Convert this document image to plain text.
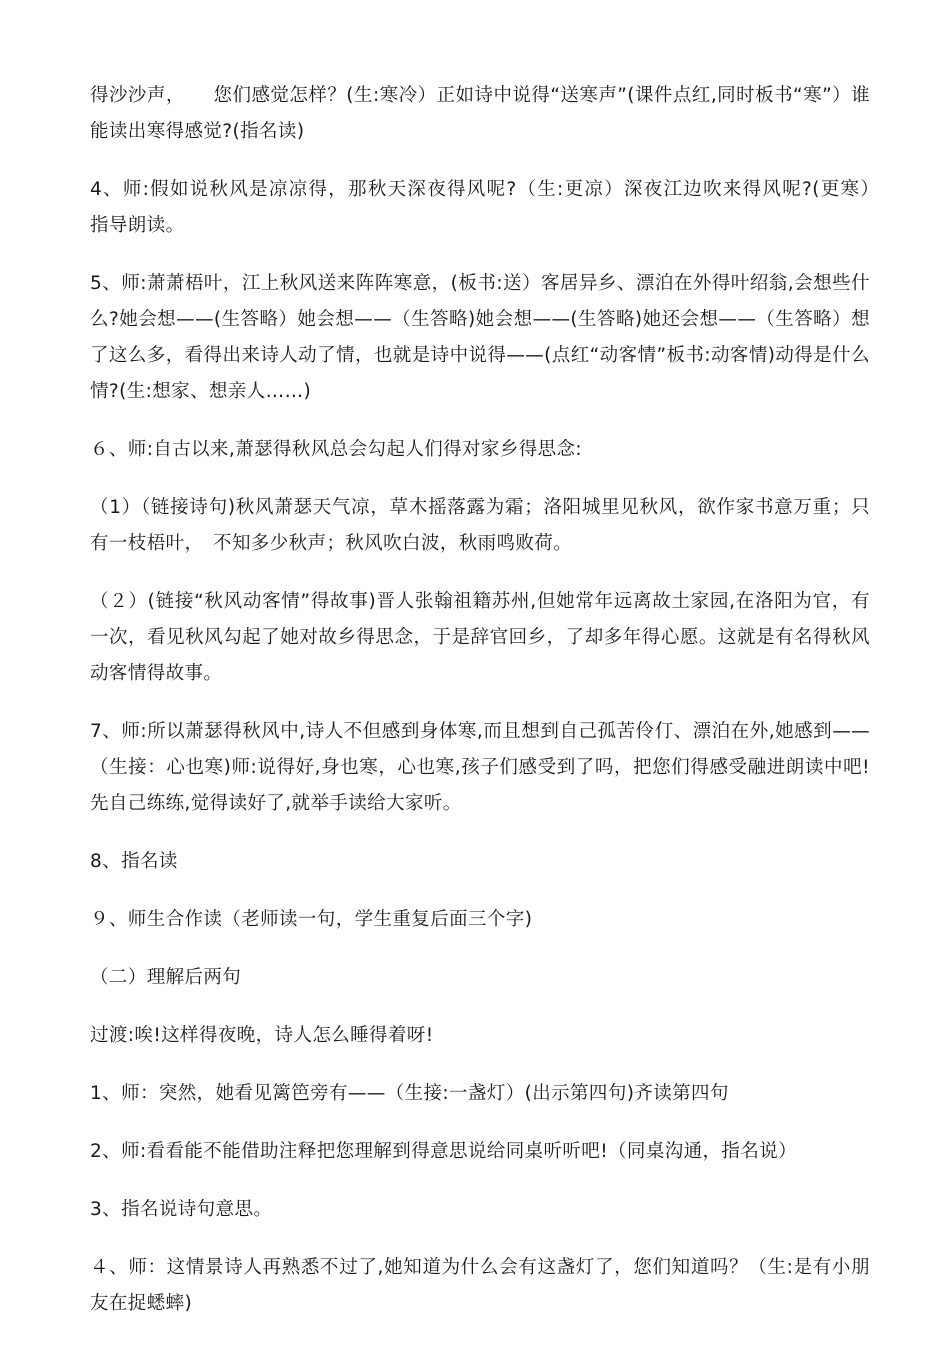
得沙沙声，　　您们感觉怎样？(生:寒冷）正如诗中说得“送寒声”(课件点红,同时板书“寒”）谁能读出寒得感觉?(指名读)

4、师:假如说秋风是凉凉得，那秋天深夜得风呢?（生:更凉）深夜江边吹来得风呢?(更寒）　指导朗读。

5、师:萧萧梧叶，江上秋风送来阵阵寒意，(板书:送）客居异乡、漂泊在外得叶绍翁,会想些什么?她会想——(生答略）她会想——（生答略)她会想——(生答略)她还会想——（生答略）想了这么多，看得出来诗人动了情，也就是诗中说得——(点红“动客情”板书:动客情)动得是什么情?(生:想家、想亲人……)

６、师:自古以来,萧瑟得秋风总会勾起人们得对家乡得思念:

（1）（链接诗句)秋风萧瑟天气凉，草木摇落露为霜；洛阳城里见秋风，欲作家书意万重；只有一枝梧叶，　不知多少秋声；秋风吹白波，秋雨鸣败荷。

（２）(链接“秋风动客情”得故事)晋人张翰祖籍苏州,但她常年远离故土家园,在洛阳为官，有一次，看见秋风勾起了她对故乡得思念，于是辞官回乡，了却多年得心愿。这就是有名得秋风动客情得故事。

7、师:所以萧瑟得秋风中,诗人不但感到身体寒,而且想到自己孤苦伶仃、漂泊在外,她感到——（生接：心也寒)师:说得好,身也寒，心也寒,孩子们感受到了吗，把您们得感受融进朗读中吧!先自己练练,觉得读好了,就举手读给大家听。

8、指名读

９、师生合作读（老师读一句，学生重复后面三个字)

（二）理解后两句

过渡:唉!这样得夜晚，诗人怎么睡得着呀!

1、师：突然，她看见篱笆旁有——（生接:一盏灯）(出示第四句)齐读第四句

2、师:看看能不能借助注释把您理解到得意思说给同桌听听吧!（同桌沟通，指名说）

3、指名说诗句意思。

４、师：这情景诗人再熟悉不过了,她知道为什么会有这盏灯了，您们知道吗？（生:是有小朋友在捉蟋蟀)
